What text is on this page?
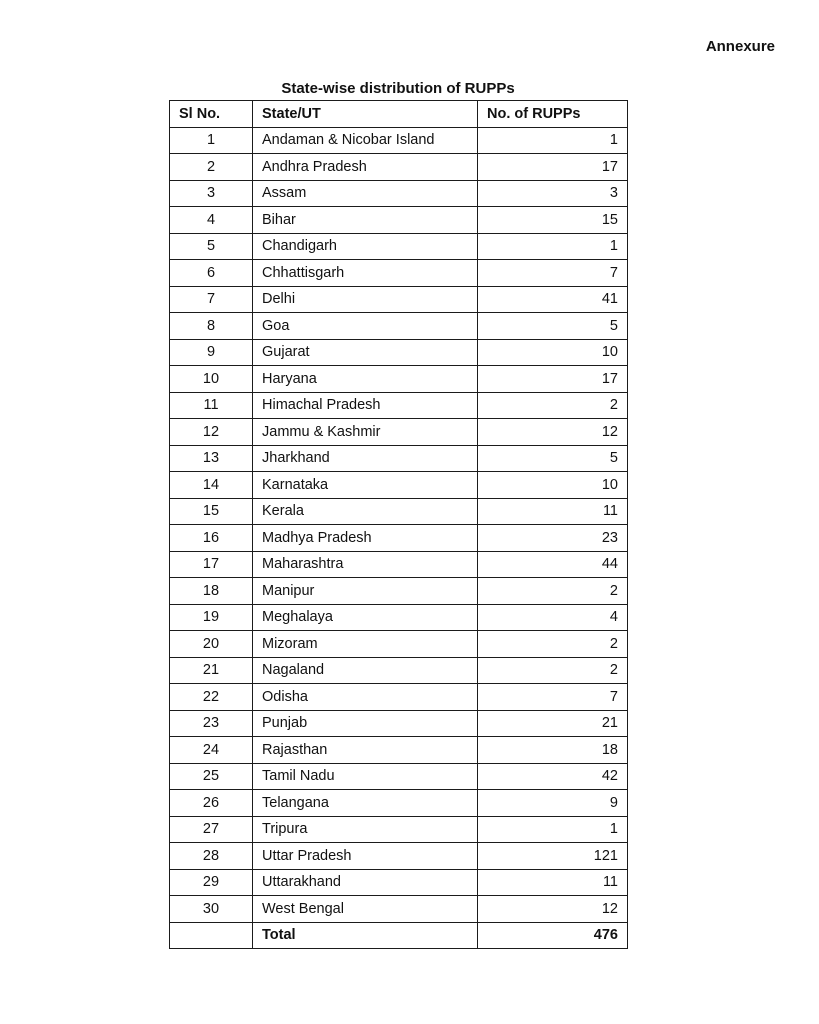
Annexure
State-wise distribution of RUPPs
Sl No.	State/UT	No. of RUPPs
1	Andaman & Nicobar Island	1
2	Andhra Pradesh	17
3	Assam	3
4	Bihar	15
5	Chandigarh	1
6	Chhattisgarh	7
7	Delhi	41
8	Goa	5
9	Gujarat	10
10	Haryana	17
11	Himachal Pradesh	2
12	Jammu & Kashmir	12
13	Jharkhand	5
14	Karnataka	10
15	Kerala	11
16	Madhya Pradesh	23
17	Maharashtra	44
18	Manipur	2
19	Meghalaya	4
20	Mizoram	2
21	Nagaland	2
22	Odisha	7
23	Punjab	21
24	Rajasthan	18
25	Tamil Nadu	42
26	Telangana	9
27	Tripura	1
28	Uttar Pradesh	121
29	Uttarakhand	11
30	West Bengal	12
	Total	476
